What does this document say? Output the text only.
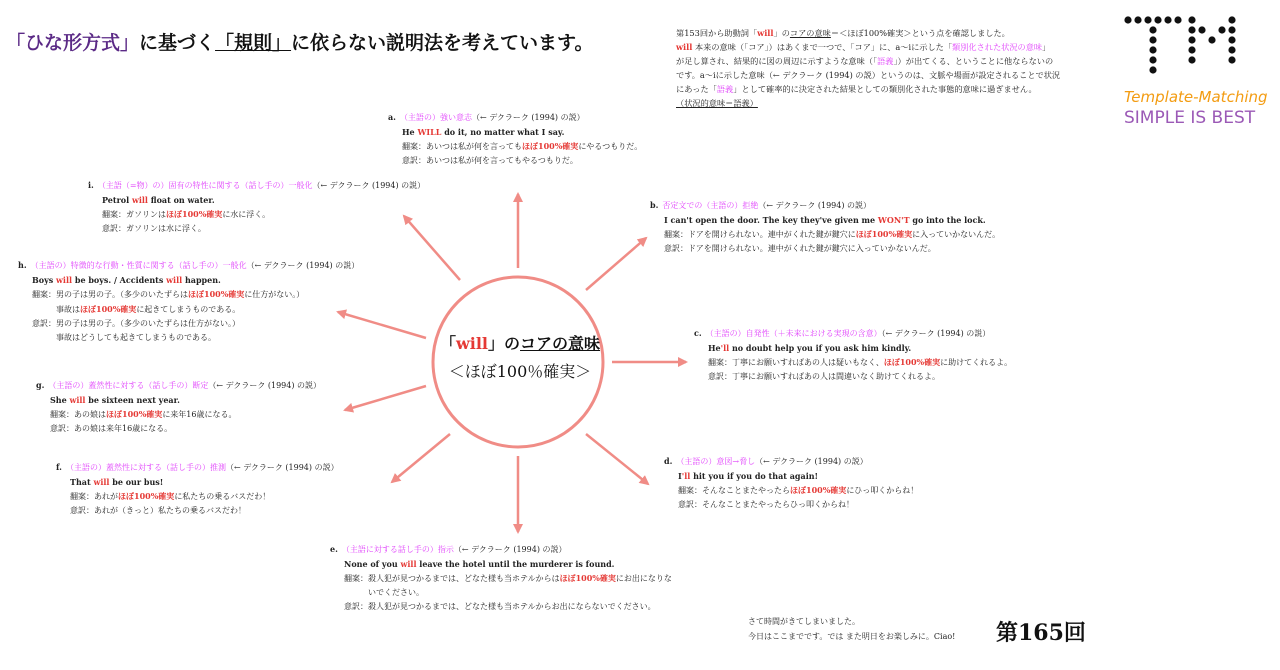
「ひな形方式」に基づく「規則」に依らない説明法を考えています。	第153回から助動詞「will」のコアの意味＝＜ほぼ100%確実＞という点を確認しました。
will 本来の意味（「コア」）はあくまで一つで、「コア」に、a〜iに示した「類別化された状況の意味」
が足し算され、結果的に図の周辺に示すような意味（「語義」）が出てくる、ということに他ならないの
です。a〜iに示した意味（← デクラーク (1994) の説）というのは、文脈や場面が設定されることで状況
にあった「語義」として確率的に決定された結果としての類別化された事態的意味に過ぎません。
（状況的意味＝語義）	Template-Matching
SIMPLE IS BEST
「will」のコアの意味
＜ほぼ100％確実＞
a. （主語の）強い意志（← デクラーク (1994) の説）
He WILL do it, no matter what I say.
翻案：あいつは私が何を言ってもほぼ100%確実にやるつもりだ。
意訳：あいつは私が何を言ってもやるつもりだ。
b. 否定文での（主語の）拒絶（← デクラーク (1994) の説）
I can't open the door. The key they've given me WON'T go into the lock.
翻案：ドアを開けられない。連中がくれた鍵が鍵穴にほぼ100%確実に入っていかないんだ。
意訳：ドアを開けられない。連中がくれた鍵が鍵穴に入っていかないんだ。
c. （主語の）自発性（＋未来における実現の含意）（← デクラーク (1994) の説）
He'll no doubt help you if you ask him kindly.
翻案：丁寧にお願いすればあの人は疑いもなく、ほぼ100%確実に助けてくれるよ。
意訳：丁寧にお願いすればあの人は間違いなく助けてくれるよ。
d. （主語の）意図→脅し（← デクラーク (1994) の説）
I'll hit you if you do that again!
翻案：そんなことまたやったらほぼ100%確実にひっ叩くからね！
意訳：そんなことまたやったらひっ叩くからね！
e. （主語に対する話し手の）指示（← デクラーク (1994) の説）
None of you will leave the hotel until the murderer is found.
翻案：殺人犯が見つかるまでは、どなた様も当ホテルからはほぼ100%確実にお出になりな
いでください。
意訳：殺人犯が見つかるまでは、どなた様も当ホテルからお出にならないでください。
f. （主語の）蓋然性に対する（話し手の）推測（← デクラーク (1994) の説）
That will be our bus!
翻案：あれがほぼ100%確実に私たちの乗るバスだわ！
意訳：あれが（きっと）私たちの乗るバスだわ！
g. （主語の）蓋然性に対する（話し手の）断定（← デクラーク (1994) の説）
She will be sixteen next year.
翻案：あの娘はほぼ100%確実に来年16歳になる。
意訳：あの娘は来年16歳になる。
h. （主語の）特徴的な行動・性質に関する（話し手の）一般化（← デクラーク (1994) の説）
Boys will be boys. / Accidents will happen.
翻案：男の子は男の子。（多少のいたずらはほぼ100%確実に仕方がない。）
事故はほぼ100%確実に起きてしまうものである。
意訳：男の子は男の子。（多少のいたずらは仕方がない。）
事故はどうしても起きてしまうものである。
i. （主語（=物）の）固有の特性に関する（話し手の）一般化（← デクラーク (1994) の説）
Petrol will float on water.
翻案：ガソリンはほぼ100%確実に水に浮く。
意訳：ガソリンは水に浮く。
さて時間がきてしまいました。
今日はここまでです。では また明日をお楽しみに。Ciao! 第165回
